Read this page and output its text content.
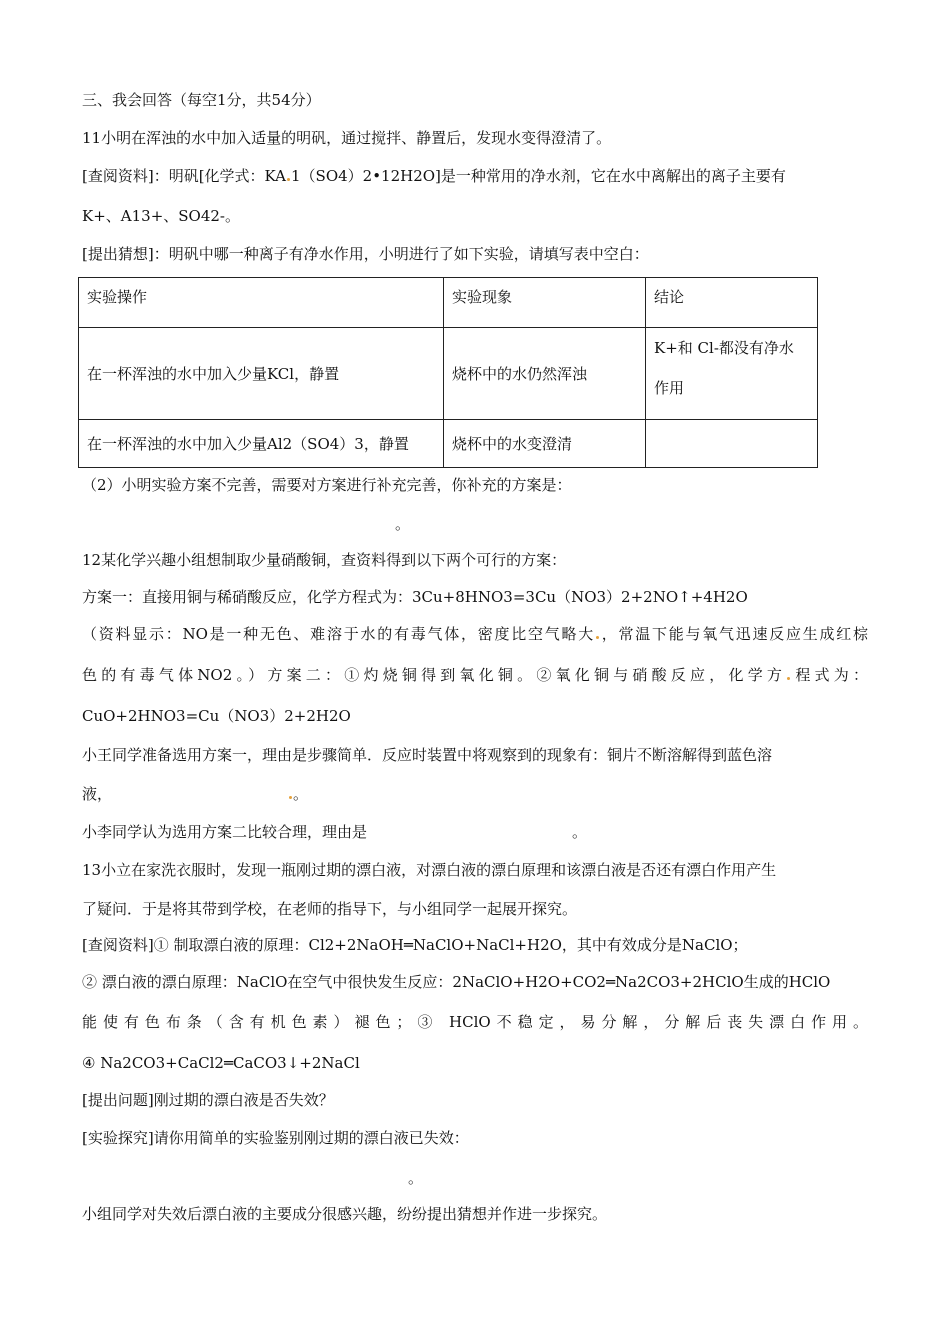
三、我会回答（每空1分，共54分）
11小明在浑浊的水中加入适量的明矾，通过搅拌、静置后，发现水变得澄清了。
[查阅资料]：明矾[化学式：KA 1（SO4）2•12H2O]是一种常用的净水剂，它在水中离解出的离子主要有
K+、A13+、SO42-。
[提出猜想]：明矾中哪一种离子有净水作用，小明进行了如下实验，请填写表中空白：
实验操作	实验现象	结论
在一杯浑浊的水中加入少量KCl，静置	烧杯中的水仍然浑浊	K+和 Cl-都没有净水
作用

在一杯浑浊的水中加入少量Al2（SO4）3，静置	烧杯中的水变澄清	
（2）小明实验方案不完善，需要对方案进行补充完善，你补充的方案是：
。
12某化学兴趣小组想制取少量硝酸铜，查资料得到以下两个可行的方案：
方案一：直接用铜与稀硝酸反应，化学方程式为：3Cu+8HNO3=3Cu（NO3）2+2NO↑+4H2O
（资料显示：NO是一种无色、难溶于水的有毒气体，密度比空气略大 ，常温下能与氧气迅速反应生成红棕
色的有毒气体NO2。）方案二：①灼烧铜得到氧化铜。②氧化铜与硝酸反应，化学方 程式为：
CuO+2HNO3=Cu（NO3）2+2H2O
小王同学准备选用方案一，理由是步骤简单．反应时装置中将观察到的现象有：铜片不断溶解得到蓝色溶
液，	。
小李同学认为选用方案二比较合理，理由是	。
13小立在家洗衣服时，发现一瓶刚过期的漂白液，对漂白液的漂白原理和该漂白液是否还有漂白作用产生
了疑问．于是将其带到学校，在老师的指导下，与小组同学一起展开探究。
[查阅资料]① 制取漂白液的原理：Cl2+2NaOH═NaClO+NaCl+H2O，其中有效成分是NaClO；
② 漂白液的漂白原理：NaClO在空气中很快发生反应：2NaClO+H2O+CO2═Na2CO3+2HClO生成的HClO
能使有色布条（含有机色素）褪色；③ HClO不稳定，易分解，分解后丧失漂白作用。
④ Na2CO3+CaCl2═CaCO3↓+2NaCl
[提出问题]刚过期的漂白液是否失效？
[实验探究]请你用简单的实验鉴别刚过期的漂白液已失效：
。
小组同学对失效后漂白液的主要成分很感兴趣，纷纷提出猜想并作进一步探究。
